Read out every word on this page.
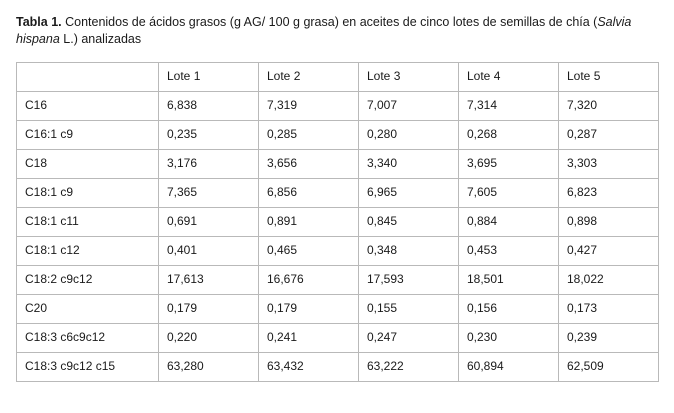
Tabla 1. Contenidos de ácidos grasos (g AG/ 100 g grasa) en aceites de cinco lotes de semillas de chía (Salvia hispana L.) analizadas

	Lote 1	Lote 2	Lote 3	Lote 4	Lote 5
C16	6,838	7,319	7,007	7,314	7,320
C16:1 c9	0,235	0,285	0,280	0,268	0,287
C18	3,176	3,656	3,340	3,695	3,303
C18:1 c9	7,365	6,856	6,965	7,605	6,823
C18:1 c11	0,691	0,891	0,845	0,884	0,898
C18:1 c12	0,401	0,465	0,348	0,453	0,427
C18:2 c9c12	17,613	16,676	17,593	18,501	18,022
C20	0,179	0,179	0,155	0,156	0,173
C18:3 c6c9c12	0,220	0,241	0,247	0,230	0,239
C18:3 c9c12 c15	63,280	63,432	63,222	60,894	62,509
